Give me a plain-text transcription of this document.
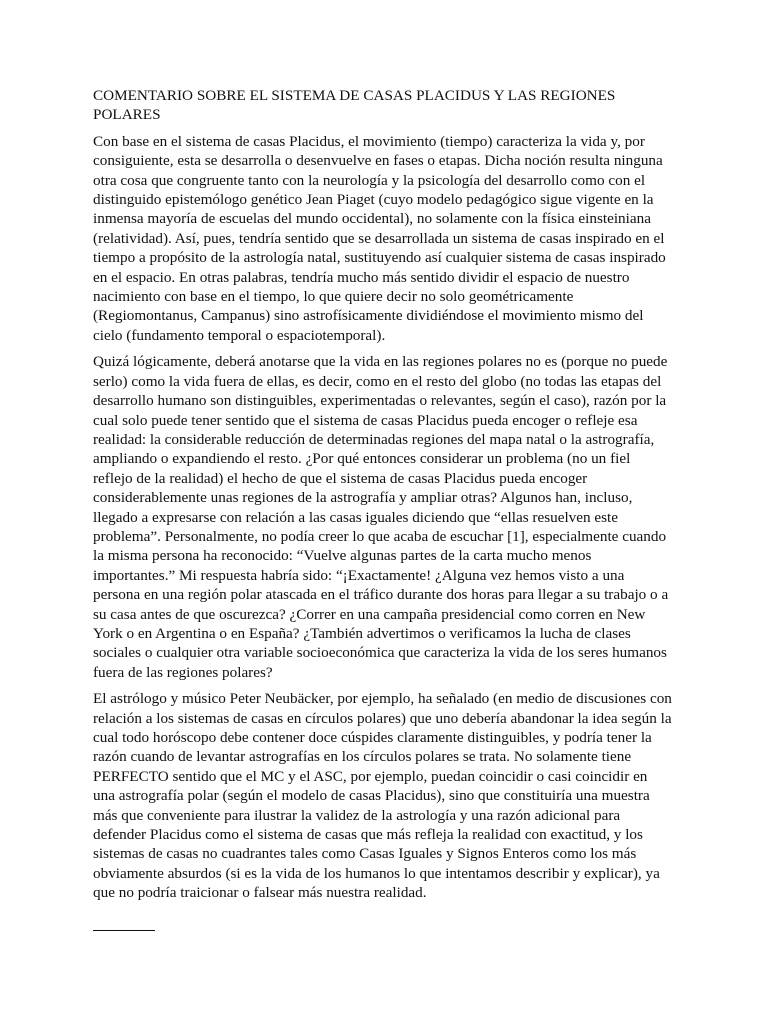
COMENTARIO SOBRE EL SISTEMA DE CASAS PLACIDUS Y LAS REGIONES POLARES

Con base en el sistema de casas Placidus, el movimiento (tiempo) caracteriza la vida y, por consiguiente, esta se desarrolla o desenvuelve en fases o etapas. Dicha noción resulta ninguna otra cosa que congruente tanto con la neurología y la psicología del desarrollo como con el distinguido epistemólogo genético Jean Piaget (cuyo modelo pedagógico sigue vigente en la inmensa mayoría de escuelas del mundo occidental), no solamente con la física einsteiniana (relatividad). Así, pues, tendría sentido que se desarrollada un sistema de casas inspirado en el tiempo a propósito de la astrología natal, sustituyendo así cualquier sistema de casas inspirado en el espacio. En otras palabras, tendría mucho más sentido dividir el espacio de nuestro nacimiento con base en el tiempo, lo que quiere decir no solo geométricamente (Regiomontanus, Campanus) sino astrofísicamente dividiéndose el movimiento mismo del cielo (fundamento temporal o espaciotemporal).

Quizá lógicamente, deberá anotarse que la vida en las regiones polares no es (porque no puede serlo) como la vida fuera de ellas, es decir, como en el resto del globo (no todas las etapas del desarrollo humano son distinguibles, experimentadas o relevantes, según el caso), razón por la cual solo puede tener sentido que el sistema de casas Placidus pueda encoger o refleje esa realidad: la considerable reducción de determinadas regiones del mapa natal o la astrografía, ampliando o expandiendo el resto. ¿Por qué entonces considerar un problema (no un fiel reflejo de la realidad) el hecho de que el sistema de casas Placidus pueda encoger considerablemente unas regiones de la astrografía y ampliar otras? Algunos han, incluso, llegado a expresarse con relación a las casas iguales diciendo que “ellas resuelven este problema”. Personalmente, no podía creer lo que acaba de escuchar [1], especialmente cuando la misma persona ha reconocido: “Vuelve algunas partes de la carta mucho menos importantes.” Mi respuesta habría sido: “¡Exactamente! ¿Alguna vez hemos visto a una persona en una región polar atascada en el tráfico durante dos horas para llegar a su trabajo o a su casa antes de que oscurezca? ¿Correr en una campaña presidencial como corren en New York o en Argentina o en España? ¿También advertimos o verificamos la lucha de clases sociales o cualquier otra variable socioeconómica que caracteriza la vida de los seres humanos fuera de las regiones polares?

El astrólogo y músico Peter Neubäcker, por ejemplo, ha señalado (en medio de discusiones con relación a los sistemas de casas en círculos polares) que uno debería abandonar la idea según la cual todo horóscopo debe contener doce cúspides claramente distinguibles, y podría tener la razón cuando de levantar astrografías en los círculos polares se trata. No solamente tiene PERFECTO sentido que el MC y el ASC, por ejemplo, puedan coincidir o casi coincidir en una astrografía polar (según el modelo de casas Placidus), sino que constituiría una muestra más que conveniente para ilustrar la validez de la astrología y una razón adicional para defender Placidus como el sistema de casas que más refleja la realidad con exactitud, y los sistemas de casas no cuadrantes tales como Casas Iguales y Signos Enteros como los más obviamente absurdos (si es la vida de los humanos lo que intentamos describir y explicar), ya que no podría traicionar o falsear más nuestra realidad.
